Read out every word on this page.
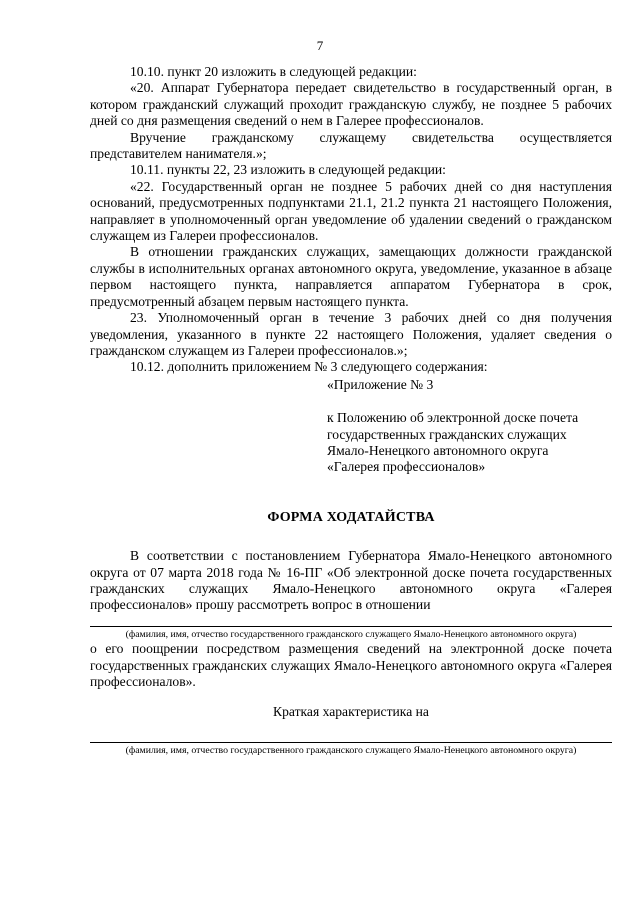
7

10.10. пункт 20 изложить в следующей редакции:

«20. Аппарат Губернатора передает свидетельство в государственный орган, в котором гражданский служащий проходит гражданскую службу, не позднее 5 рабочих дней со дня размещения сведений о нем в Галерее профессионалов.

Вручение гражданскому служащему свидетельства осуществляется представителем нанимателя.»;

10.11. пункты 22, 23 изложить в следующей редакции:

«22. Государственный орган не позднее 5 рабочих дней со дня наступления оснований, предусмотренных подпунктами 21.1, 21.2 пункта 21 настоящего Положения, направляет в уполномоченный орган уведомление об удалении сведений о гражданском служащем из Галереи профессионалов.

В отношении гражданских служащих, замещающих должности гражданской службы в исполнительных органах автономного округа, уведомление, указанное в абзаце первом настоящего пункта, направляется аппаратом Губернатора в срок, предусмотренный абзацем первым настоящего пункта.

23. Уполномоченный орган в течение 3 рабочих дней со дня получения уведомления, указанного в пункте 22 настоящего Положения, удаляет сведения о гражданском служащем из Галереи профессионалов.»;

10.12. дополнить приложением № 3 следующего содержания:

«Приложение № 3
к Положению об электронной доске почета
государственных гражданских служащих
Ямало-Ненецкого автономного округа
«Галерея профессионалов»
ФОРМА ХОДАТАЙСТВА

В соответствии с постановлением Губернатора Ямало-Ненецкого автономного округа от 07 марта 2018 года № 16-ПГ «Об электронной доске почета государственных гражданских служащих Ямало-Ненецкого автономного округа «Галерея профессионалов» прошу рассмотреть вопрос в отношении

(фамилия, имя, отчество государственного гражданского служащего Ямало-Ненецкого автономного округа)

о его поощрении посредством размещения сведений на электронной доске почета государственных гражданских служащих Ямало-Ненецкого автономного округа «Галерея профессионалов».

Краткая характеристика на
(фамилия, имя, отчество государственного гражданского служащего Ямало-Ненецкого автономного округа)
